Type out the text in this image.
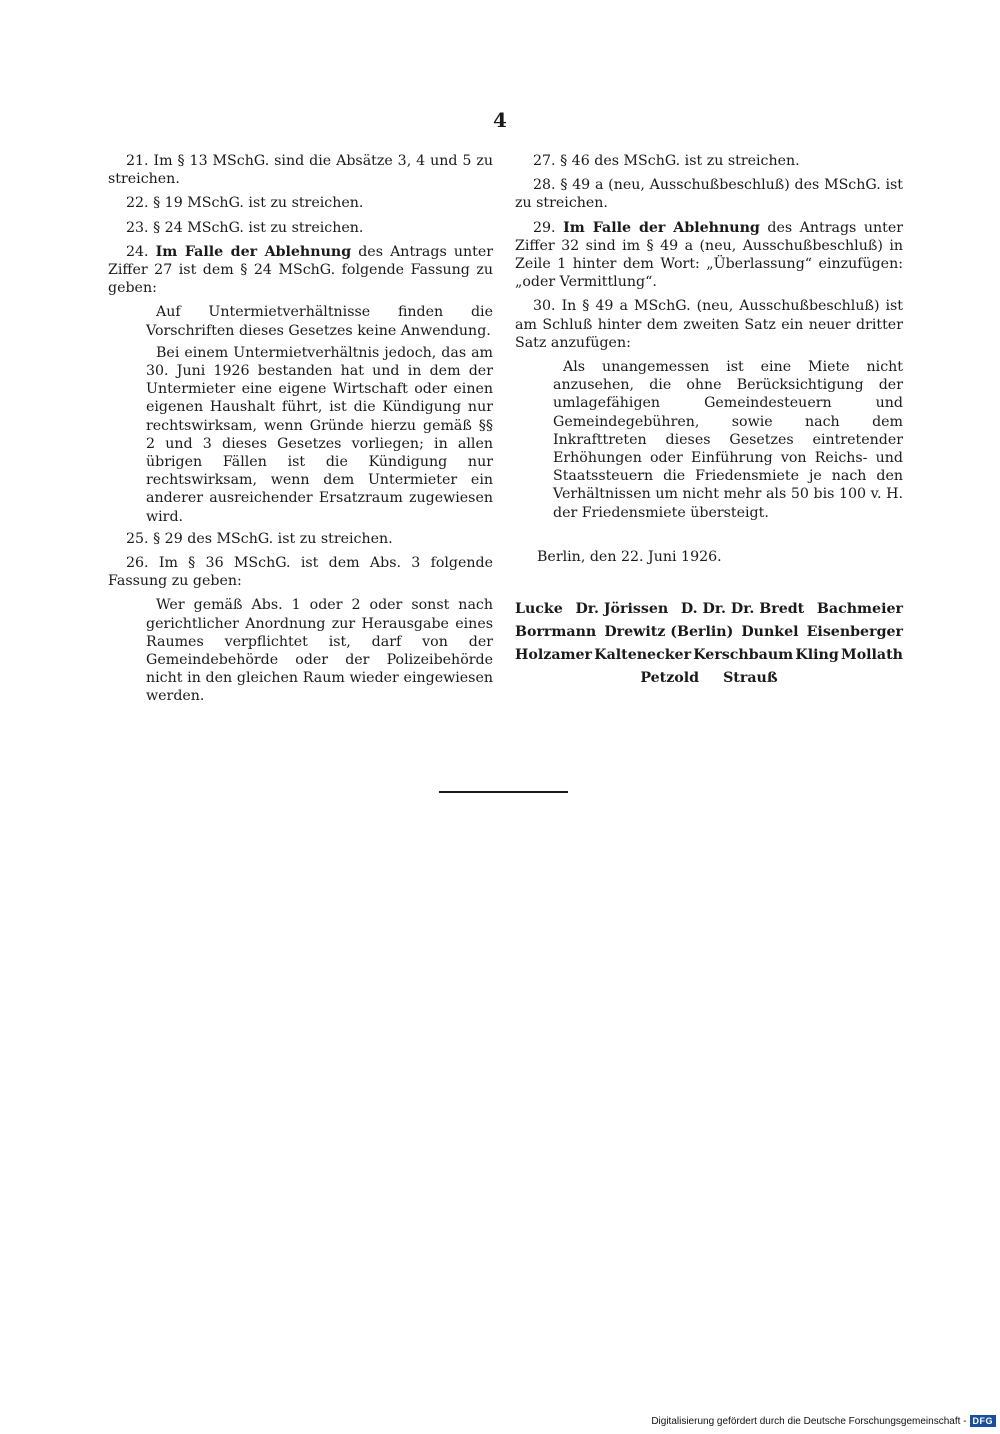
4

21. Im § 13 MSchG. sind die Absätze 3, 4 und 5 zu streichen.

22. § 19 MSchG. ist zu streichen.

23. § 24 MSchG. ist zu streichen.

24. Im Falle der Ablehnung des Antrags unter Ziffer 27 ist dem § 24 MSchG. folgende Fassung zu geben:

Auf Untermietverhältnisse finden die Vorschriften dieses Gesetzes keine Anwendung.

Bei einem Untermietverhältnis jedoch, das am 30. Juni 1926 bestanden hat und in dem der Untermieter eine eigene Wirtschaft oder einen eigenen Haushalt führt, ist die Kündigung nur rechtswirksam, wenn Gründe hierzu gemäß §§ 2 und 3 dieses Gesetzes vorliegen; in allen übrigen Fällen ist die Kündigung nur rechtswirksam, wenn dem Untermieter ein anderer ausreichender Ersatzraum zugewiesen wird.

25. § 29 des MSchG. ist zu streichen.

26. Im § 36 MSchG. ist dem Abs. 3 folgende Fassung zu geben:

Wer gemäß Abs. 1 oder 2 oder sonst nach gerichtlicher Anordnung zur Herausgabe eines Raumes verpflichtet ist, darf von der Gemeindebehörde oder der Polizeibehörde nicht in den gleichen Raum wieder eingewiesen werden.

27. § 46 des MSchG. ist zu streichen.

28. § 49 a (neu, Ausschußbeschluß) des MSchG. ist zu streichen.

29. Im Falle der Ablehnung des Antrags unter Ziffer 32 sind im § 49 a (neu, Ausschußbeschluß) in Zeile 1 hinter dem Wort: „Überlassung“ einzufügen: „oder Vermittlung“.

30. In § 49 a MSchG. (neu, Ausschußbeschluß) ist am Schluß hinter dem zweiten Satz ein neuer dritter Satz anzufügen:

Als unangemessen ist eine Miete nicht anzusehen, die ohne Berücksichtigung der umlagefähigen Gemeindesteuern und Gemeindegebühren, sowie nach dem Inkrafttreten dieses Gesetzes eintretender Erhöhungen oder Einführung von Reichs- und Staatssteuern die Friedensmiete je nach den Verhältnissen um nicht mehr als 50 bis 100 v. H. der Friedensmiete übersteigt.

Berlin, den 22. Juni 1926.

Lucke Dr. Jörissen D. Dr. Dr. Bredt Bachmeier
Borrmann Drewitz (Berlin) Dunkel Eisenberger
Holzamer Kaltenecker Kerschbaum Kling Mollath
Petzold Strauß
Digitalisierung gefördert durch die Deutsche Forschungsgemeinschaft - DFG
